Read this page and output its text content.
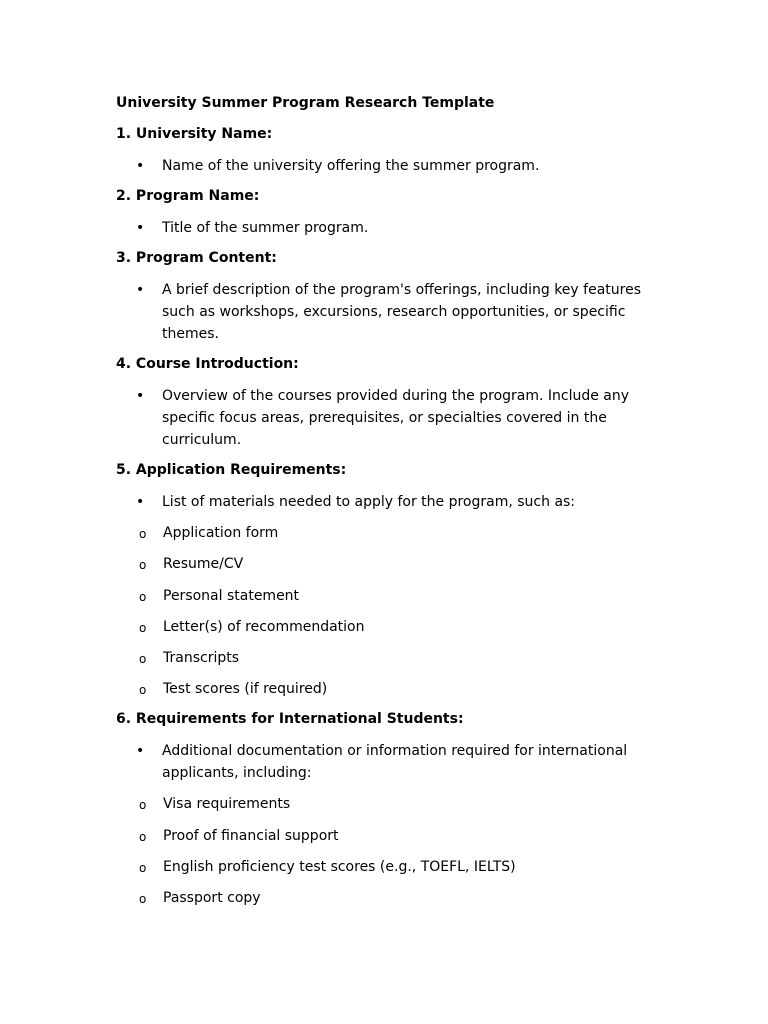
University Summer Program Research Template
1. University Name:
• Name of the university offering the summer program.
2. Program Name:
• Title of the summer program.
3. Program Content:
• A brief description of the program's offerings, including key features such as workshops, excursions, research opportunities, or specific themes.
4. Course Introduction:
• Overview of the courses provided during the program. Include any specific focus areas, prerequisites, or specialties covered in the curriculum.
5. Application Requirements:
• List of materials needed to apply for the program, such as:
o Application form
o Resume/CV
o Personal statement
o Letter(s) of recommendation
o Transcripts
o Test scores (if required)
6. Requirements for International Students:
• Additional documentation or information required for international applicants, including:
o Visa requirements
o Proof of financial support
o English proficiency test scores (e.g., TOEFL, IELTS)
o Passport copy
